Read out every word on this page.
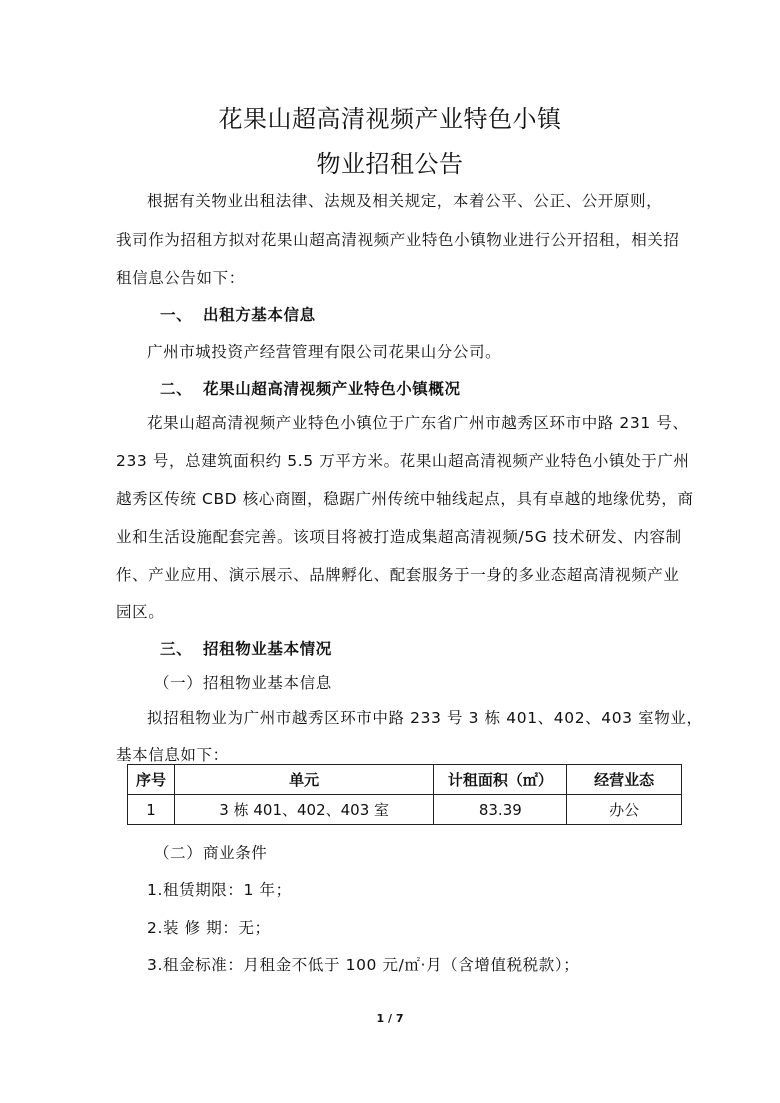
花果山超高清视频产业特色小镇
物业招租公告
根据有关物业出租法律、法规及相关规定，本着公平、公正、公开原则，
我司作为招租方拟对花果山超高清视频产业特色小镇物业进行公开招租，相关招
租信息公告如下：
一、 出租方基本信息
广州市城投资产经营管理有限公司花果山分公司。
二、 花果山超高清视频产业特色小镇概况
花果山超高清视频产业特色小镇位于广东省广州市越秀区环市中路 231 号、
233 号，总建筑面积约 5.5 万平方米。花果山超高清视频产业特色小镇处于广州
越秀区传统 CBD 核心商圈，稳踞广州传统中轴线起点，具有卓越的地缘优势，商
业和生活设施配套完善。该项目将被打造成集超高清视频/5G 技术研发、内容制
作、产业应用、演示展示、品牌孵化、配套服务于一身的多业态超高清视频产业
园区。
三、 招租物业基本情况
（一） 招租物业基本信息
拟招租物业为广州市越秀区环市中路 233 号 3 栋 401、402、403 室物业，
基本信息如下：
序号	单元	计租面积（㎡）	经营业态
1	3 栋 401、402、403 室	83.39	办公
（二） 商业条件
1.租赁期限：1 年；
2.装 修 期：无；
3.租金标准：月租金不低于 100 元/㎡·月（含增值税税款）；
1 / 7
